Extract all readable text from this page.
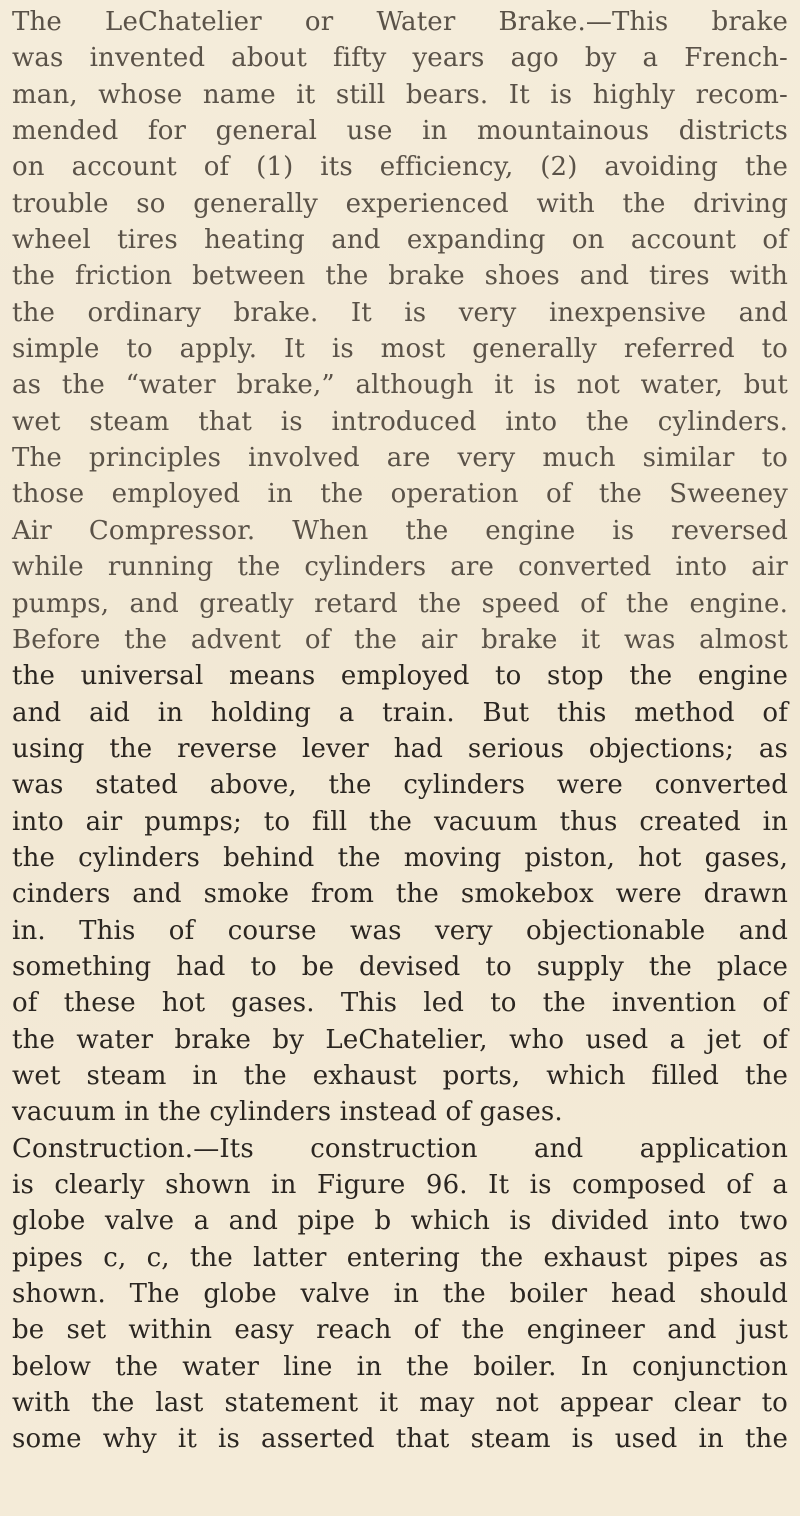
The LeChatelier or Water Brake.—This brake
was invented about fifty years ago by a French-
man, whose name it still bears. It is highly recom-
mended for general use in mountainous districts
on account of (1) its efficiency, (2) avoiding the
trouble so generally experienced with the driving
wheel tires heating and expanding on account of
the friction between the brake shoes and tires with
the ordinary brake. It is very inexpensive and
simple to apply. It is most generally referred to
as the “water brake,” although it is not water, but
wet steam that is introduced into the cylinders.
The principles involved are very much similar to
those employed in the operation of the Sweeney
Air Compressor. When the engine is reversed
while running the cylinders are converted into air
pumps, and greatly retard the speed of the engine.
Before the advent of the air brake it was almost
the universal means employed to stop the engine
and aid in holding a train. But this method of
using the reverse lever had serious objections; as
was stated above, the cylinders were converted
into air pumps; to fill the vacuum thus created in
the cylinders behind the moving piston, hot gases,
cinders and smoke from the smokebox were drawn
in. This of course was very objectionable and
something had to be devised to supply the place
of these hot gases. This led to the invention of
the water brake by LeChatelier, who used a jet of
wet steam in the exhaust ports, which filled the
vacuum in the cylinders instead of gases.
Construction.—Its construction and application
is clearly shown in Figure 96. It is composed of a
globe valve a and pipe b which is divided into two
pipes c, c, the latter entering the exhaust pipes as
shown. The globe valve in the boiler head should
be set within easy reach of the engineer and just
below the water line in the boiler. In conjunction
with the last statement it may not appear clear to
some why it is asserted that steam is used in the
